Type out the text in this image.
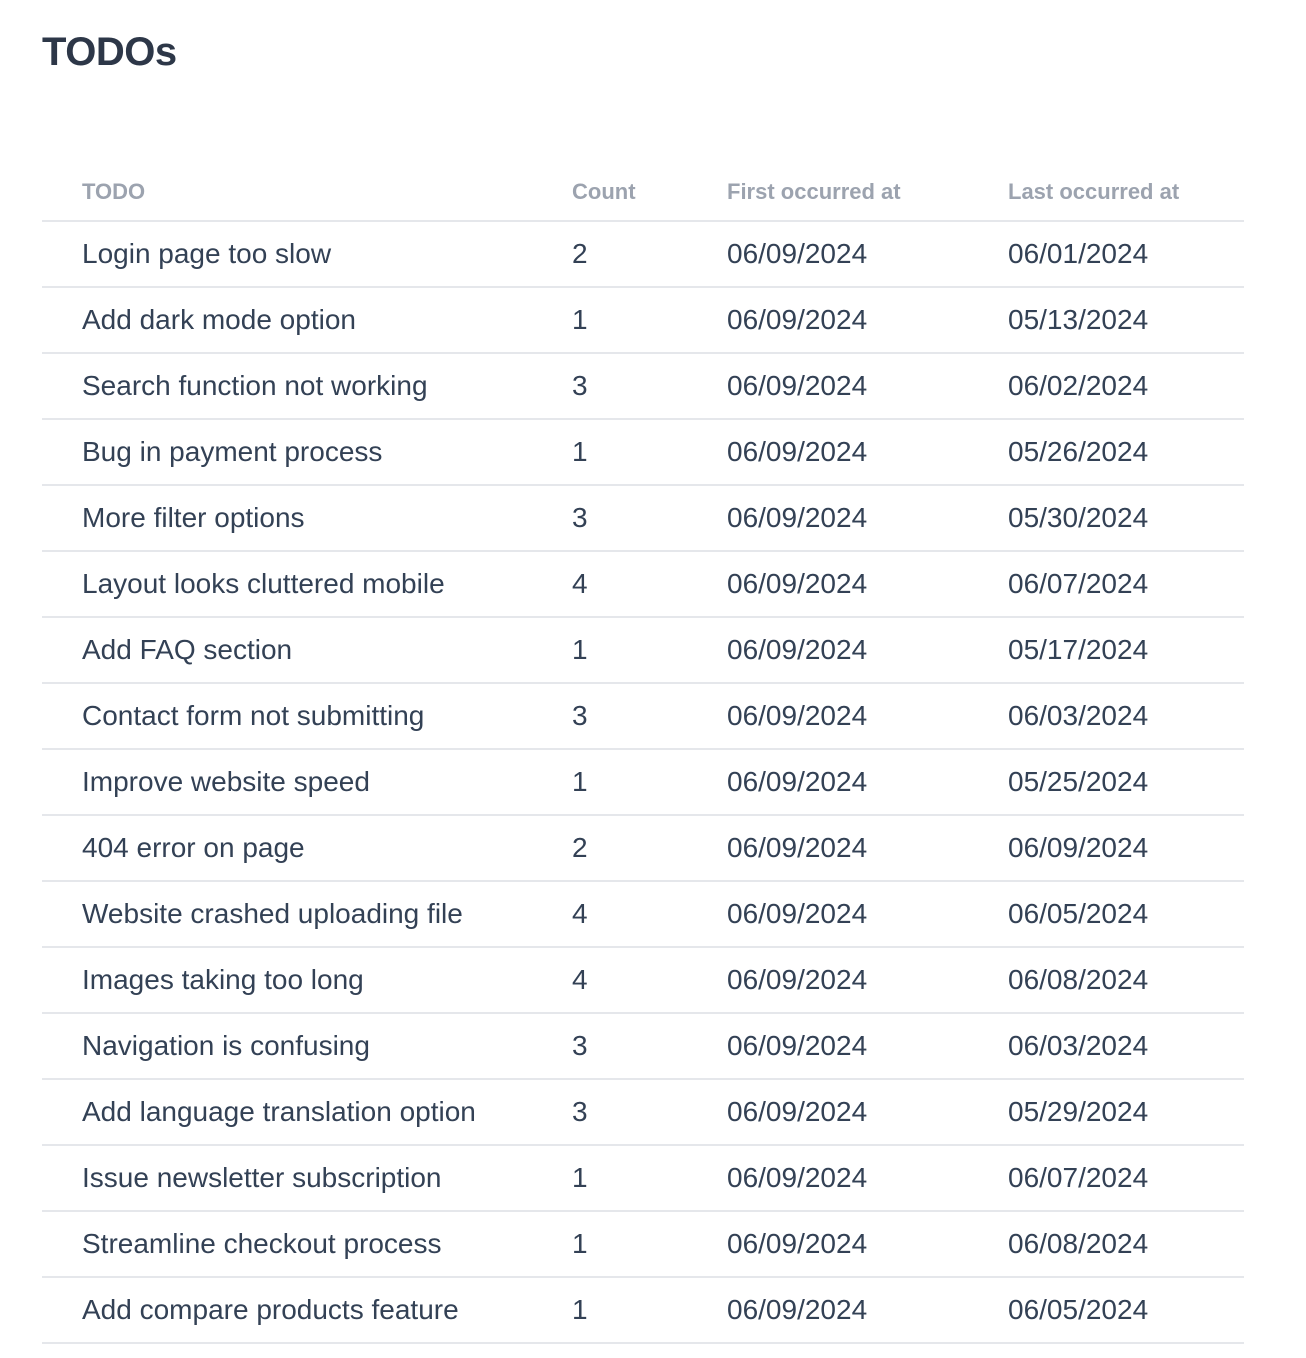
TODOs
TODO	Count	First occurred at	Last occurred at
Login page too slow	2	06/09/2024	06/01/2024
Add dark mode option	1	06/09/2024	05/13/2024
Search function not working	3	06/09/2024	06/02/2024
Bug in payment process	1	06/09/2024	05/26/2024
More filter options	3	06/09/2024	05/30/2024
Layout looks cluttered mobile	4	06/09/2024	06/07/2024
Add FAQ section	1	06/09/2024	05/17/2024
Contact form not submitting	3	06/09/2024	06/03/2024
Improve website speed	1	06/09/2024	05/25/2024
404 error on page	2	06/09/2024	06/09/2024
Website crashed uploading file	4	06/09/2024	06/05/2024
Images taking too long	4	06/09/2024	06/08/2024
Navigation is confusing	3	06/09/2024	06/03/2024
Add language translation option	3	06/09/2024	05/29/2024
Issue newsletter subscription	1	06/09/2024	06/07/2024
Streamline checkout process	1	06/09/2024	06/08/2024
Add compare products feature	1	06/09/2024	06/05/2024
